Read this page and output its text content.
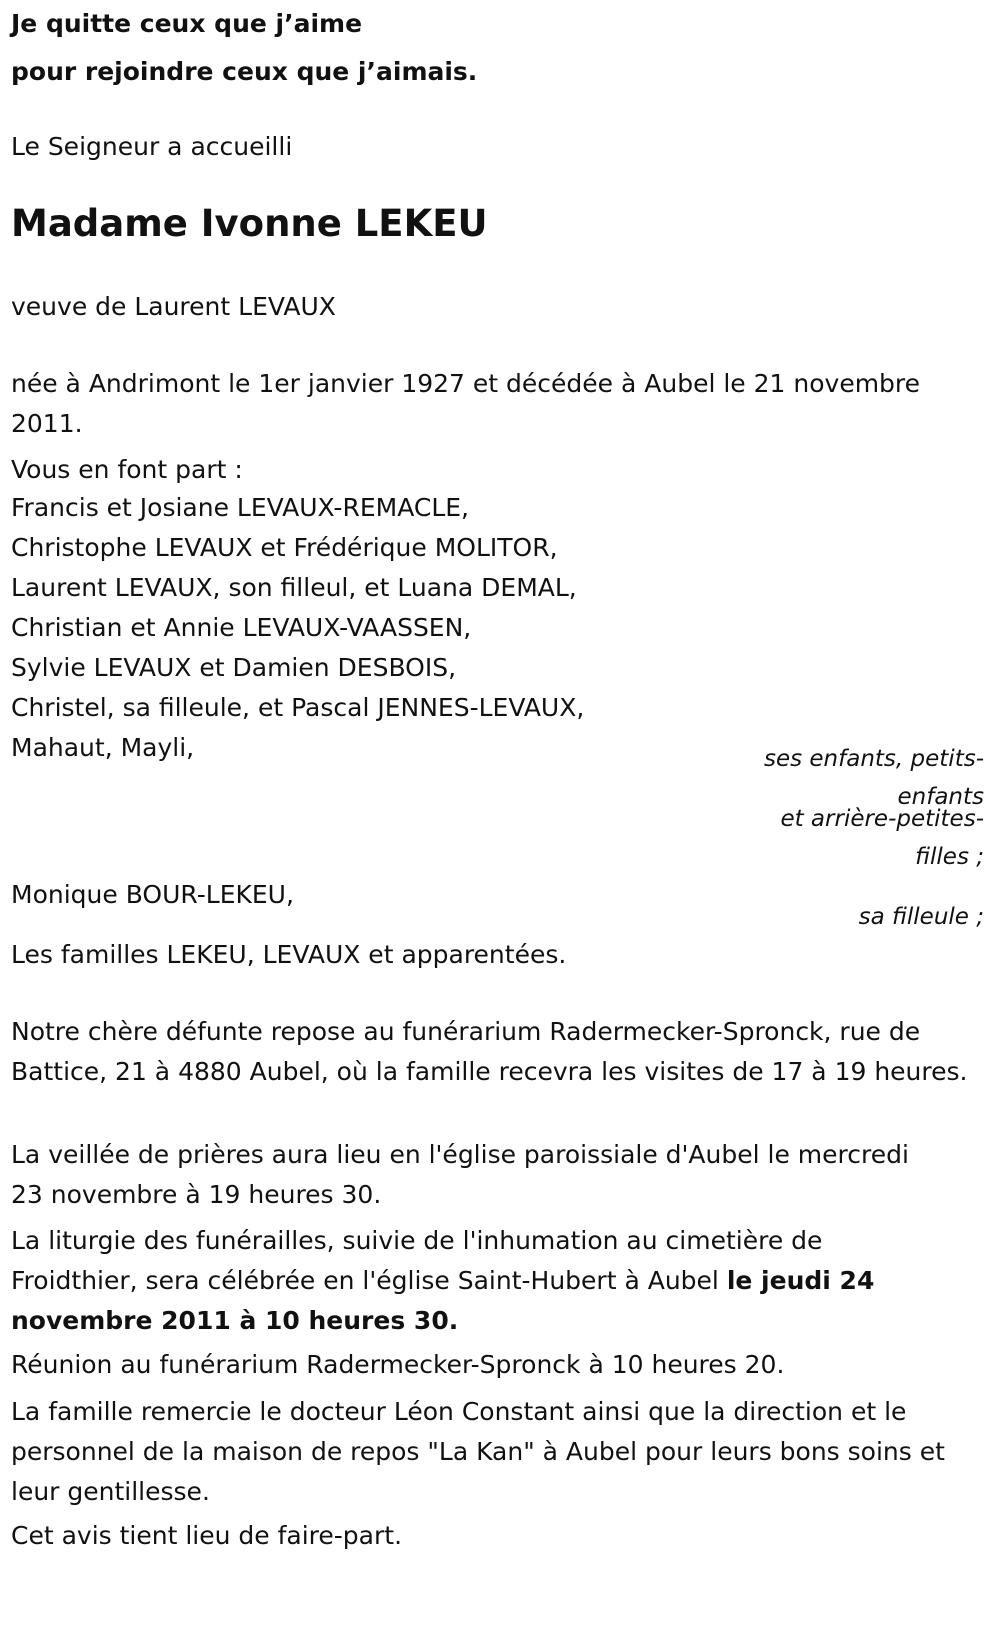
Je quitte ceux que j’aime

pour rejoindre ceux que j’aimais.

Le Seigneur a accueilli

Madame Ivonne LEKEU

veuve de Laurent LEVAUX

née à Andrimont le 1er janvier 1927 et décédée à Aubel le 21 novembre 2011.

Vous en font part :

Francis et Josiane LEVAUX-REMACLE,
Christophe LEVAUX et Frédérique MOLITOR,
Laurent LEVAUX, son filleul, et Luana DEMAL,
Christian et Annie LEVAUX-VAASSEN,
Sylvie LEVAUX et Damien DESBOIS,
Christel, sa filleule, et Pascal JENNES-LEVAUX,
Mahaut, Mayli,	ses enfants, petits-
enfants
et arrière-petites-
filles ;

Monique BOUR-LEKEU,

sa filleule ;

Les familles LEKEU, LEVAUX et apparentées.

Notre chère défunte repose au funérarium Radermecker-Spronck, rue de Battice, 21 à 4880 Aubel, où la famille recevra les visites de 17 à 19 heures.

La veillée de prières aura lieu en l'église paroissiale d'Aubel le mercredi 23 novembre à 19 heures 30.

La liturgie des funérailles, suivie de l'inhumation au cimetière de Froidthier, sera célébrée en l'église Saint-Hubert à Aubel le jeudi 24 novembre 2011 à 10 heures 30.

Réunion au funérarium Radermecker-Spronck à 10 heures 20.

La famille remercie le docteur Léon Constant ainsi que la direction et le personnel de la maison de repos "La Kan" à Aubel pour leurs bons soins et leur gentillesse.

Cet avis tient lieu de faire-part.
